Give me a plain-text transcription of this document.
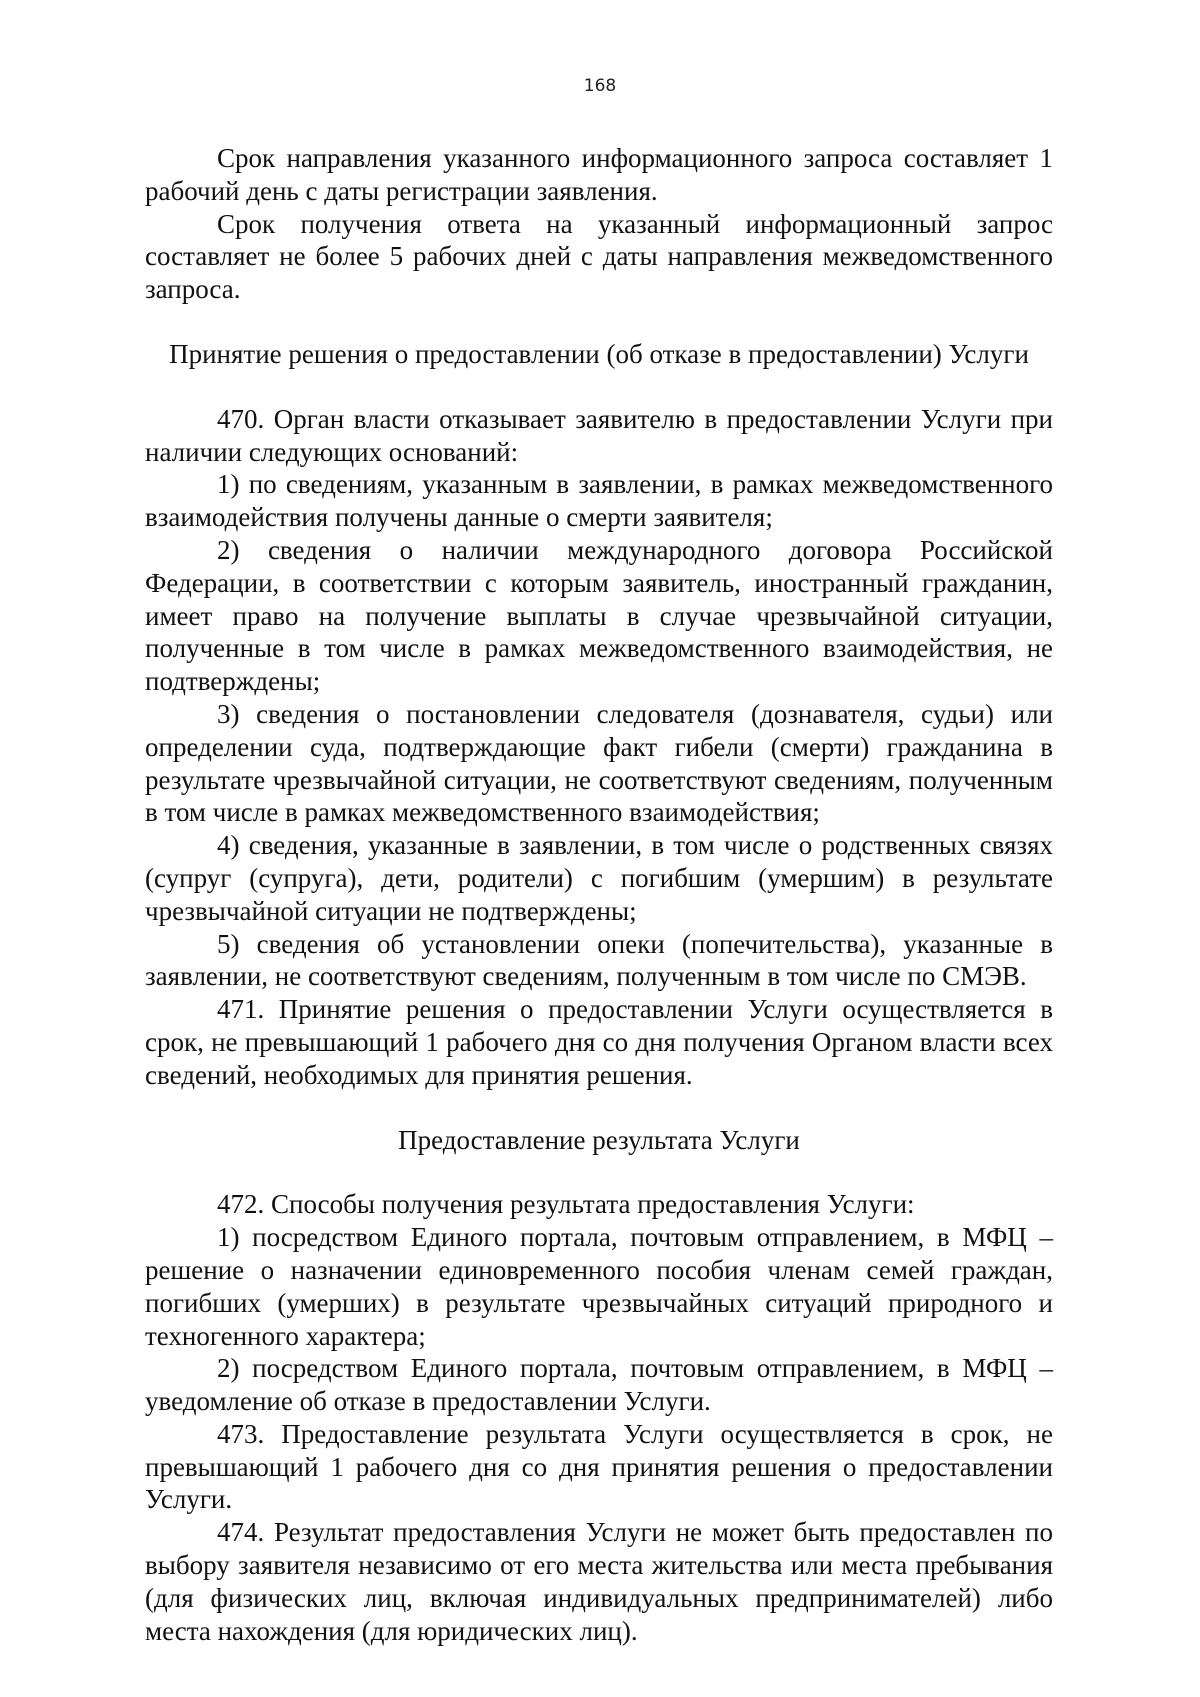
168

Срок направления указанного информационного запроса составляет 1 рабочий день с даты регистрации заявления.

Срок получения ответа на указанный информационный запрос составляет не более 5 рабочих дней с даты направления межведомственного запроса.

Принятие решения о предоставлении (об отказе в предоставлении) Услуги

470. Орган власти отказывает заявителю в предоставлении Услуги при наличии следующих оснований:

1) по сведениям, указанным в заявлении, в рамках межведомственного взаимодействия получены данные о смерти заявителя;

2) сведения о наличии международного договора Российской Федерации, в соответствии с которым заявитель, иностранный гражданин, имеет право на получение выплаты в случае чрезвычайной ситуации, полученные в том числе в рамках межведомственного взаимодействия, не подтверждены;

3) сведения о постановлении следователя (дознавателя, судьи) или определении суда, подтверждающие факт гибели (смерти) гражданина в результате чрезвычайной ситуации, не соответствуют сведениям, полученным в том числе в рамках межведомственного взаимодействия;

4) сведения, указанные в заявлении, в том числе о родственных связях (супруг (супруга), дети, родители) с погибшим (умершим) в результате чрезвычайной ситуации не подтверждены;

5) сведения об установлении опеки (попечительства), указанные в заявлении, не соответствуют сведениям, полученным в том числе по СМЭВ.

471. Принятие решения о предоставлении Услуги осуществляется в срок, не превышающий 1 рабочего дня со дня получения Органом власти всех сведений, необходимых для принятия решения.

Предоставление результата Услуги

472. Способы получения результата предоставления Услуги:

1) посредством Единого портала, почтовым отправлением, в МФЦ – решение о назначении единовременного пособия членам семей граждан, погибших (умерших) в результате чрезвычайных ситуаций природного и техногенного характера;

2) посредством Единого портала, почтовым отправлением, в МФЦ – уведомление об отказе в предоставлении Услуги.

473. Предоставление результата Услуги осуществляется в срок, не превышающий 1 рабочего дня со дня принятия решения о предоставлении Услуги.

474. Результат предоставления Услуги не может быть предоставлен по выбору заявителя независимо от его места жительства или места пребывания (для физических лиц, включая индивидуальных предпринимателей) либо места нахождения (для юридических лиц).
